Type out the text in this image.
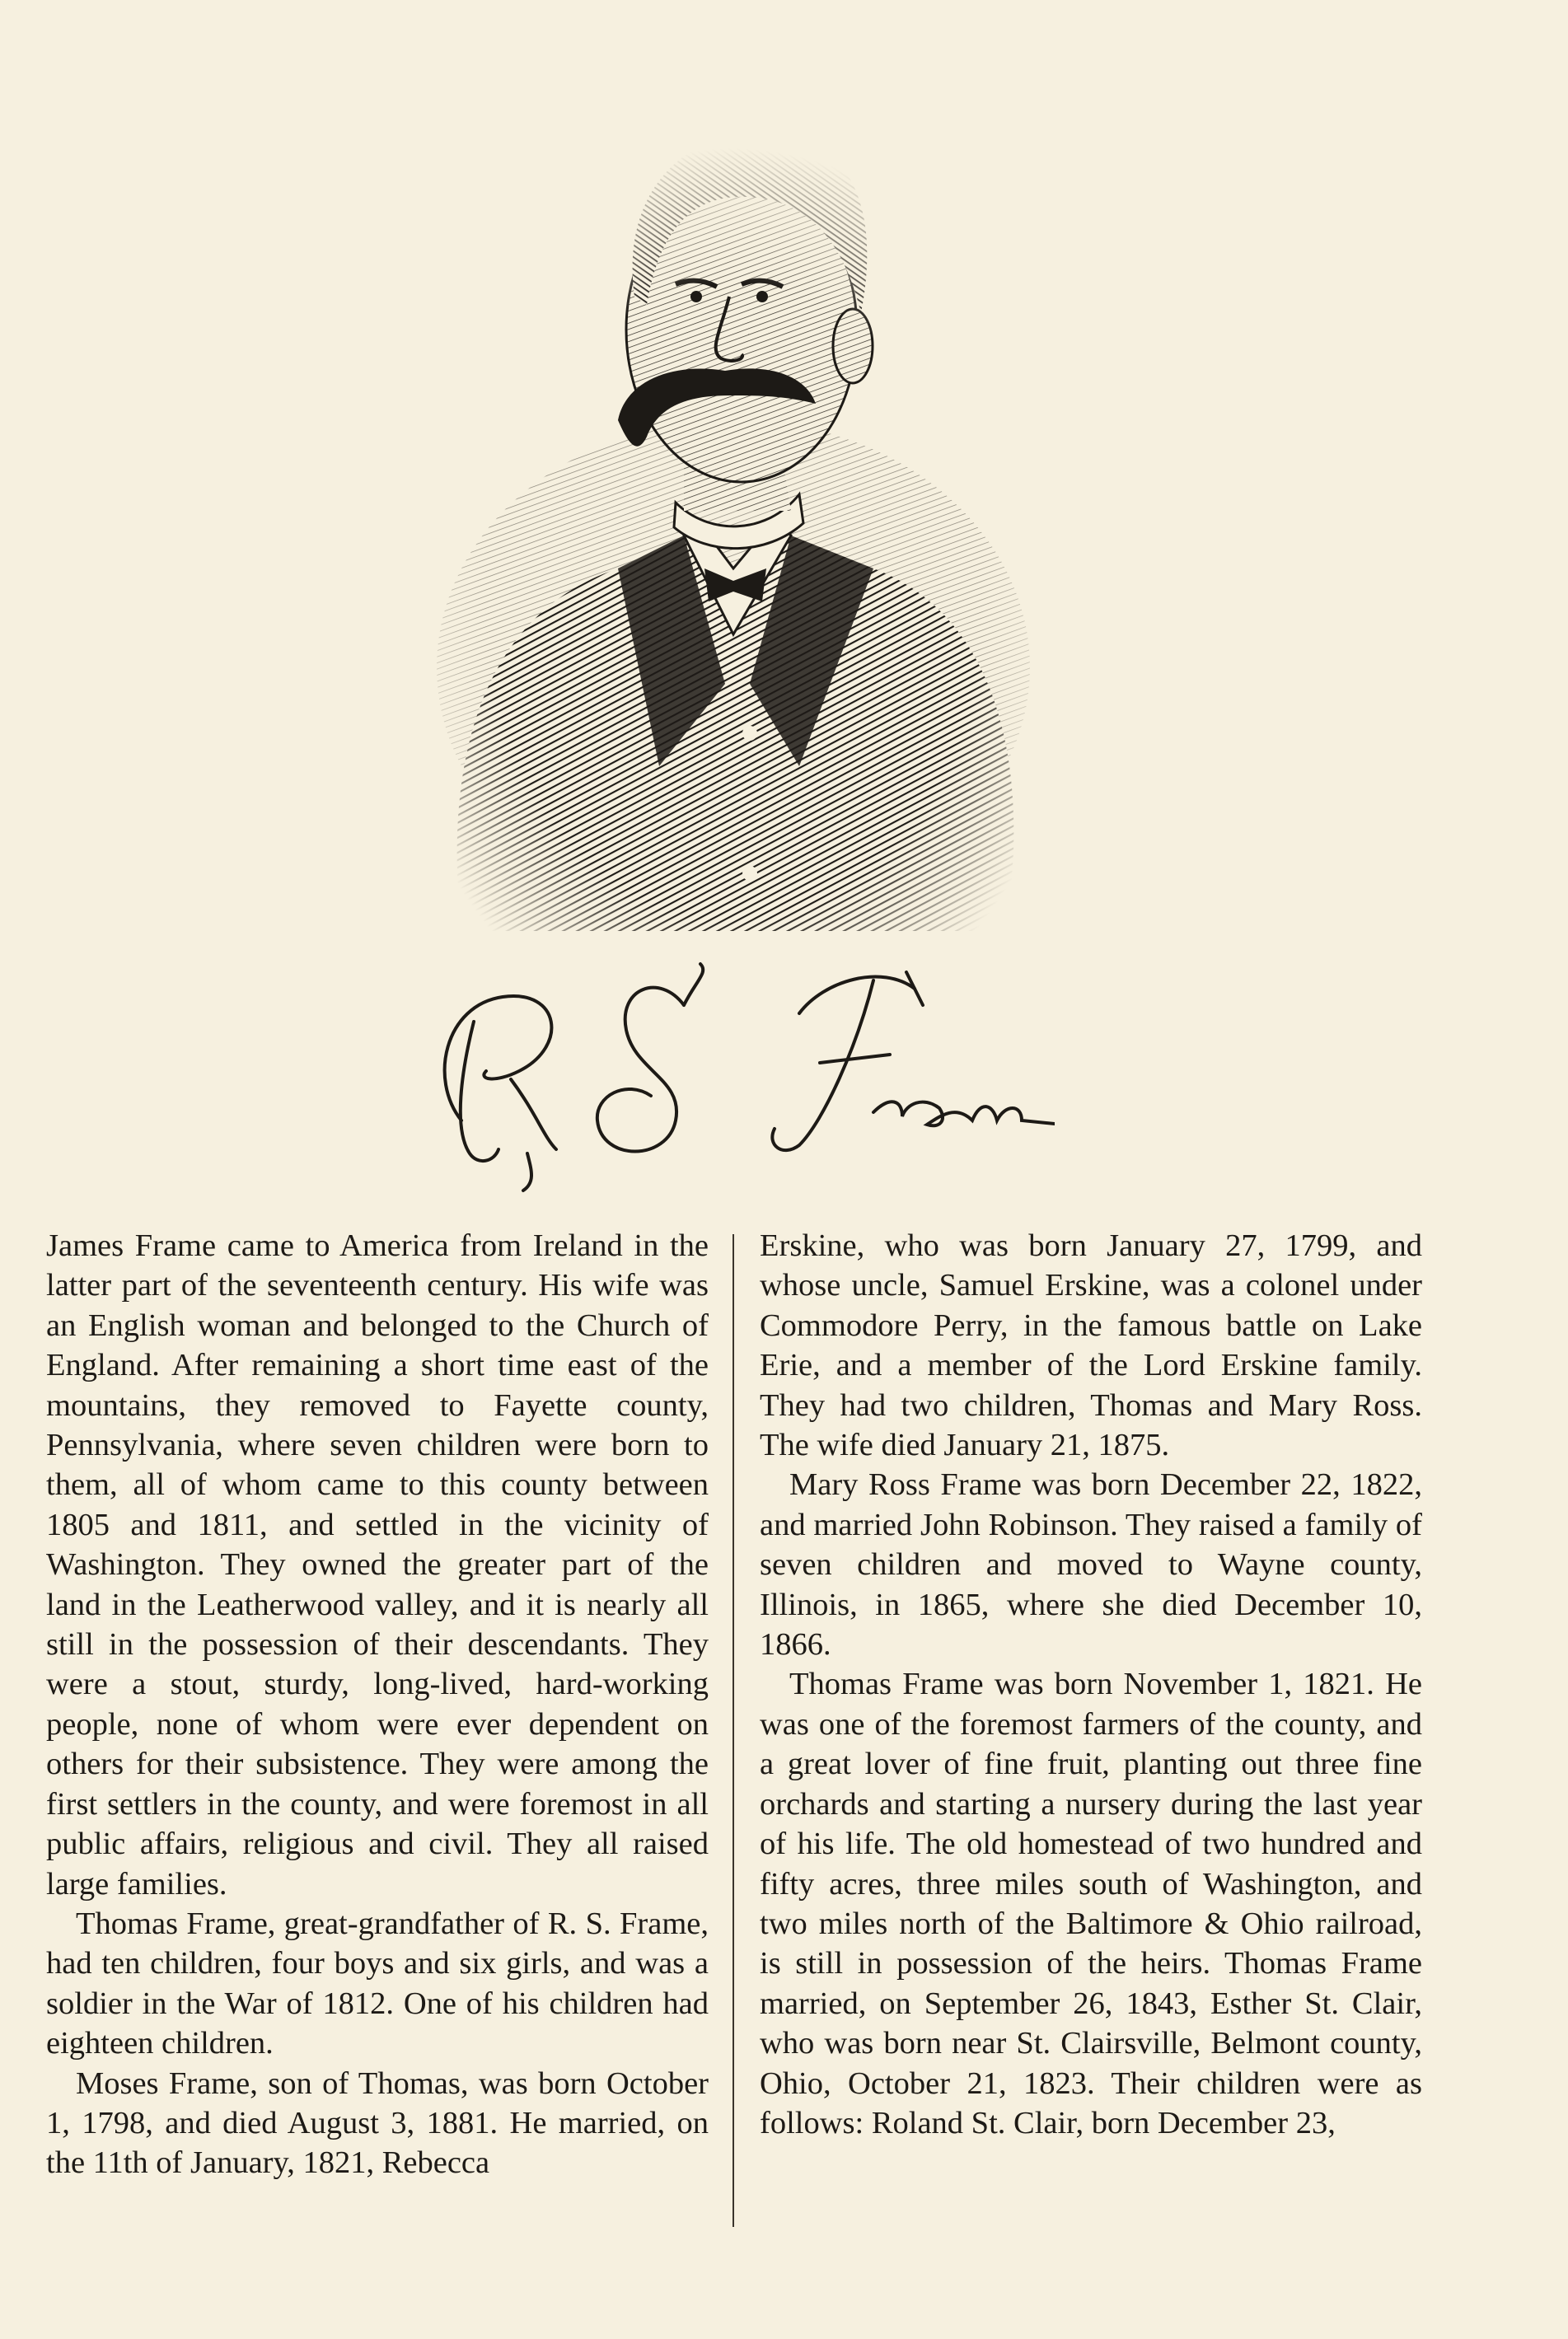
James Frame came to America from Ireland in the latter part of the seventeenth century. His wife was an English woman and belonged to the Church of England. After remaining a short time east of the mountains, they removed to Fayette county, Pennsylvania, where seven children were born to them, all of whom came to this county between 1805 and 1811, and settled in the vicinity of Washington. They owned the greater part of the land in the Leatherwood valley, and it is nearly all still in the possession of their descendants. They were a stout, sturdy, long-lived, hard-working people, none of whom were ever dependent on others for their subsistence. They were among the first settlers in the county, and were foremost in all public affairs, religious and civil. They all raised large families.

Thomas Frame, great-grandfather of R. S. Frame, had ten children, four boys and six girls, and was a soldier in the War of 1812. One of his children had eighteen children.

Moses Frame, son of Thomas, was born October 1, 1798, and died August 3, 1881. He married, on the 11th of January, 1821, Rebecca

Erskine, who was born January 27, 1799, and whose uncle, Samuel Erskine, was a colonel under Commodore Perry, in the famous battle on Lake Erie, and a member of the Lord Erskine family. They had two children, Thomas and Mary Ross. The wife died January 21, 1875.

Mary Ross Frame was born December 22, 1822, and married John Robinson. They raised a family of seven children and moved to Wayne county, Illinois, in 1865, where she died December 10, 1866.

Thomas Frame was born November 1, 1821. He was one of the foremost farmers of the county, and a great lover of fine fruit, planting out three fine orchards and starting a nursery during the last year of his life. The old homestead of two hundred and fifty acres, three miles south of Washington, and two miles north of the Baltimore & Ohio railroad, is still in possession of the heirs. Thomas Frame married, on September 26, 1843, Esther St. Clair, who was born near St. Clairsville, Belmont county, Ohio, October 21, 1823. Their children were as follows: Roland St. Clair, born December 23,
